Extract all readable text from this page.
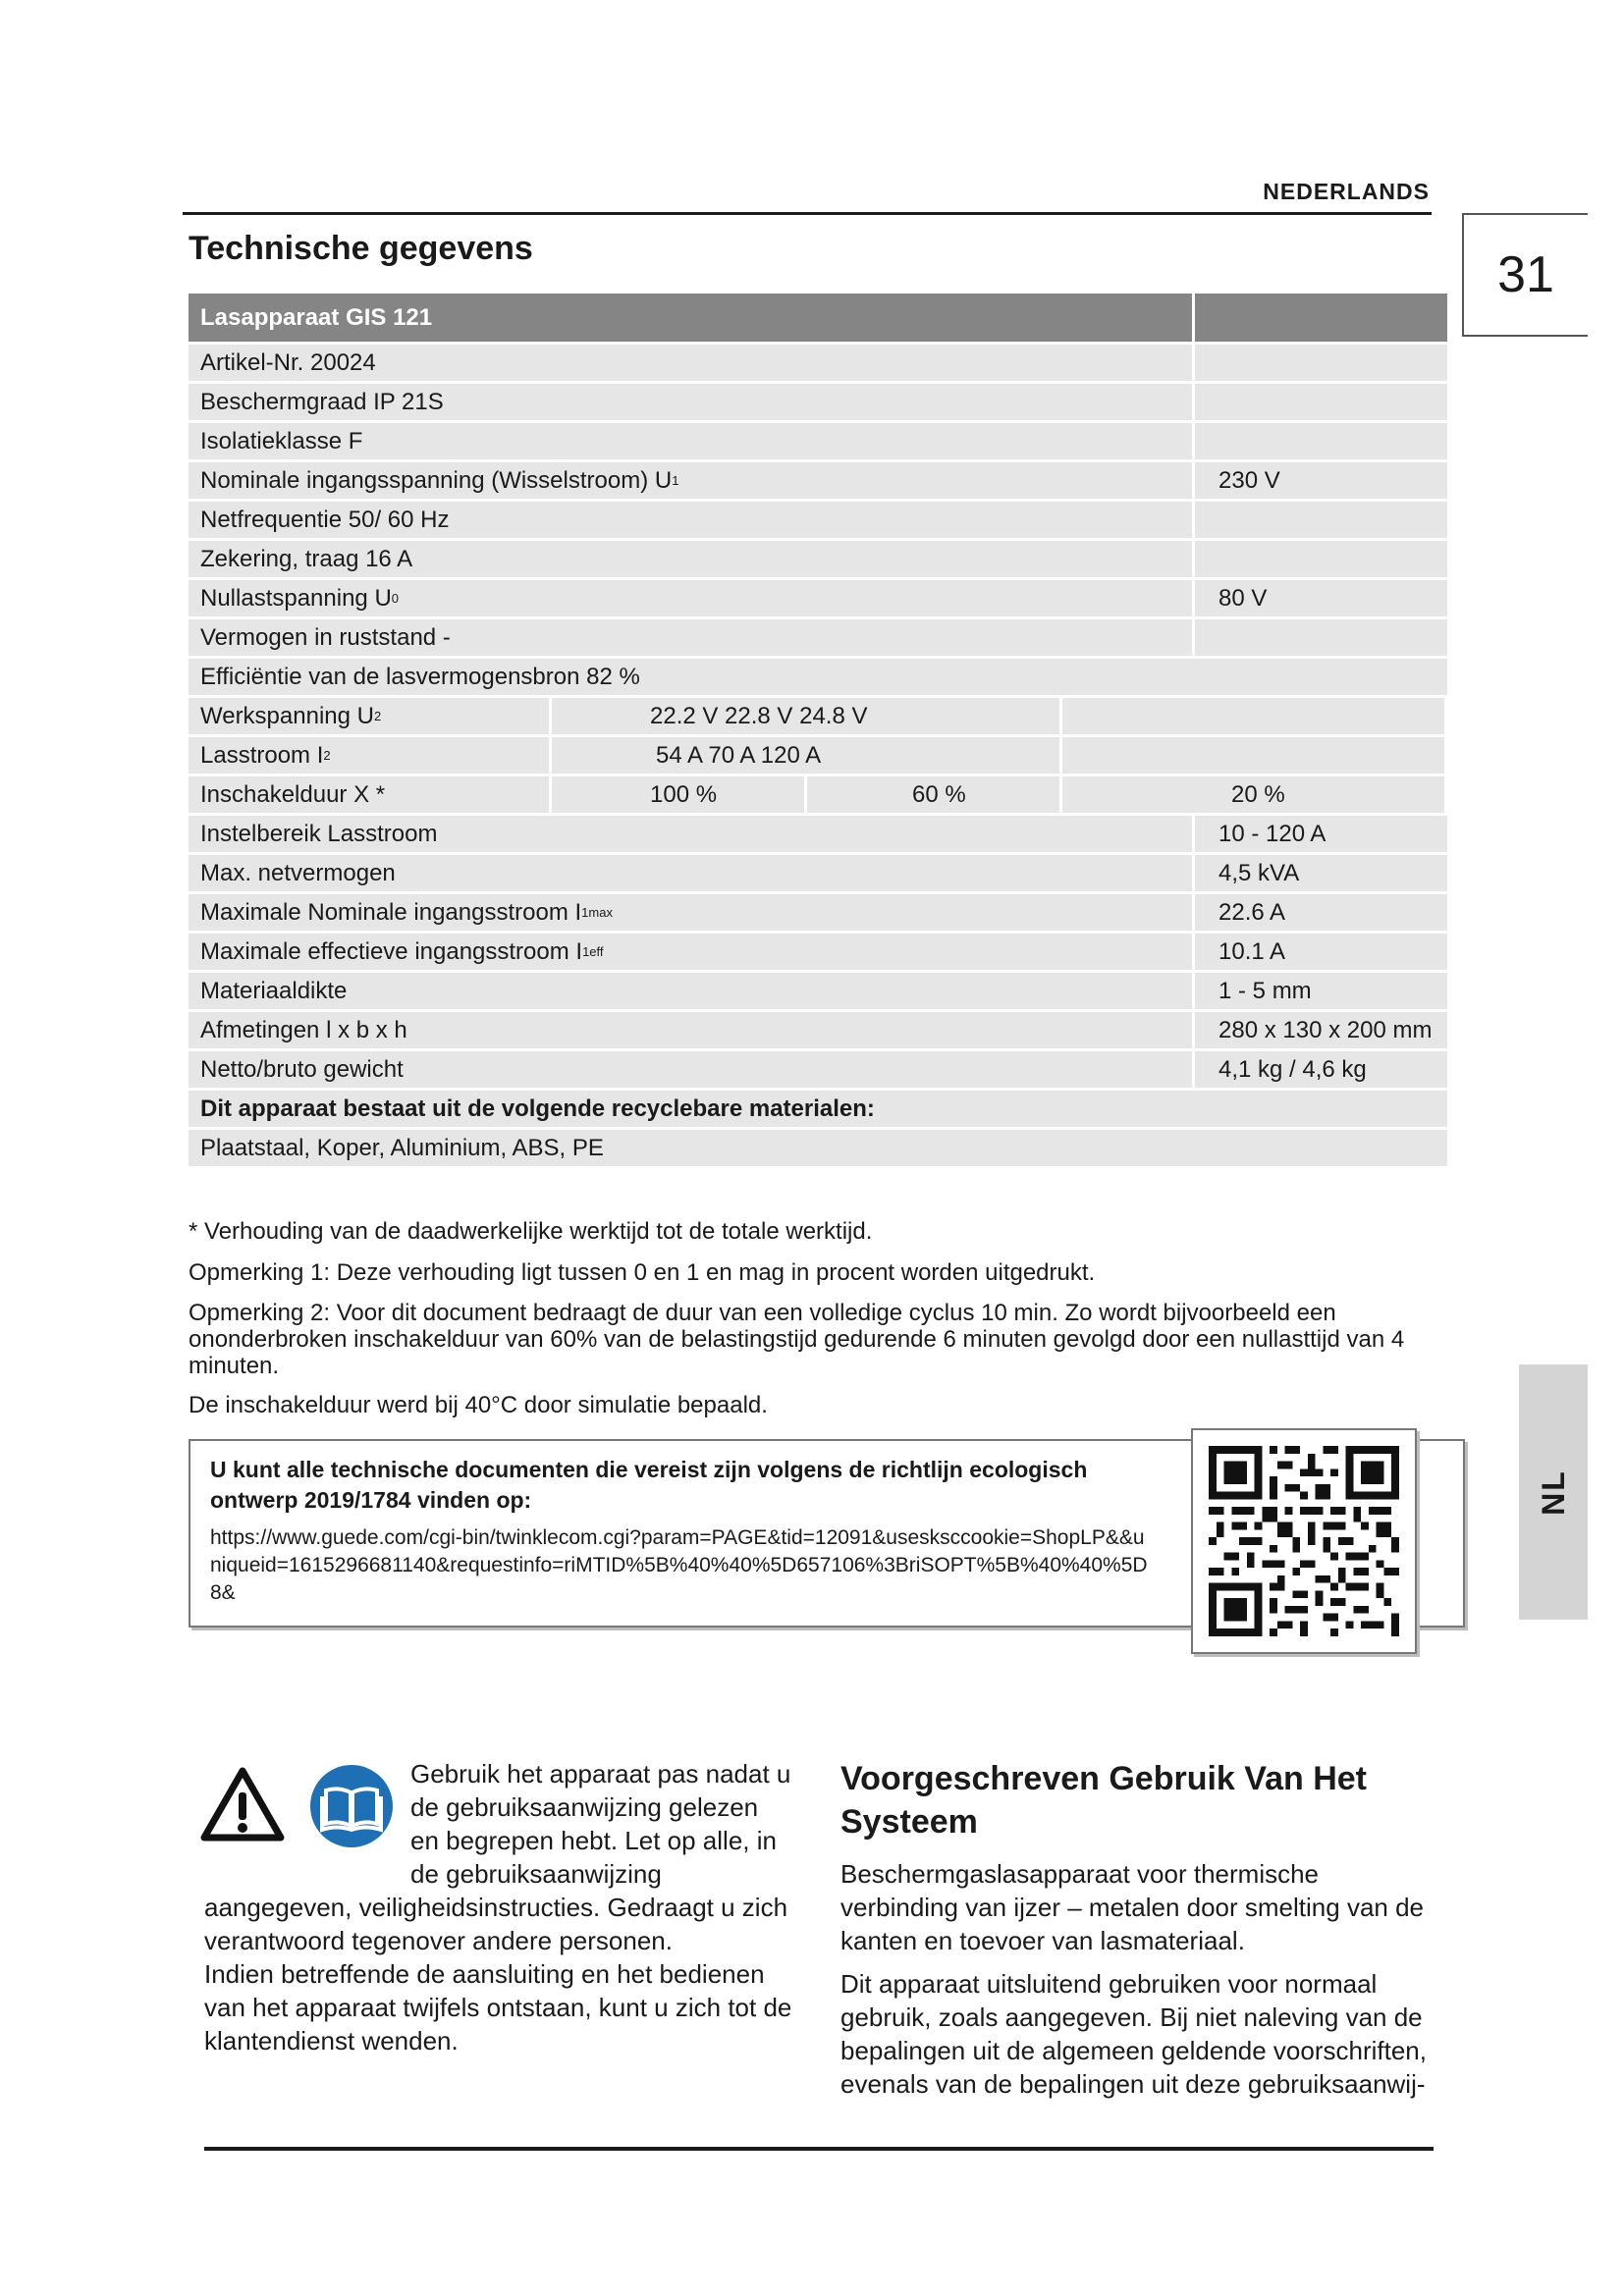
NEDERLANDS
31
Technische gegevens
Lasapparaat GIS 121
Artikel-Nr. 20024
Beschermgraad IP 21S
Isolatieklasse F
Nominale ingangsspanning (Wisselstroom) U 1	230 V
Netfrequentie 50/ 60 Hz
Zekering, traag 16 A
Nullastspanning U 0	80 V
Vermogen in ruststand -
Efficiëntie van de lasvermogensbron 82 %
Werkspanning U 2	22.2 V 22.8 V 24.8 V
Lasstroom I 2	54 A 70 A 120 A
Inschakelduur X *	100 %	60 %	20 %
Instelbereik Lasstroom	10 - 120 A
Max. netvermogen	4,5 kVA
Maximale Nominale ingangsstroom I 1max	22.6 A
Maximale effectieve ingangsstroom I 1eff	10.1 A
Materiaaldikte	1 - 5 mm
Afmetingen l x b x h	280 x 130 x 200 mm
Netto/bruto gewicht	4,1 kg / 4,6 kg
Dit apparaat bestaat uit de volgende recyclebare materialen:
Plaatstaal, Koper, Aluminium, ABS, PE

* Verhouding van de daadwerkelijke werktijd tot de totale werktijd.

Opmerking 1: Deze verhouding ligt tussen 0 en 1 en mag in procent worden uitgedrukt.

Opmerking 2: Voor dit document bedraagt de duur van een volledige cyclus 10 min. Zo wordt bijvoorbeeld een ononderbroken inschakelduur van 60% van de belastingstijd gedurende 6 minuten gevolgd door een nullasttijd van 4 minuten.

De inschakelduur werd bij 40°C door simulatie bepaald.

U kunt alle technische documenten die vereist zijn volgens de richtlijn ecologisch ontwerp 2019/1784 vinden op:
https://www.guede.com/cgi-bin/twinklecom.cgi?param=PAGE&tid=12091&usesksccookie=ShopLP&&uniqueid=1615296681140&requestinfo=riMTID%5B%40%40%5D657106%3BriSOPT%5B%40%40%5D8&
NL

Gebruik het apparaat pas nadat u de gebruiksaanwijzing gelezen en begrepen hebt. Let op alle, in de gebruiksaanwijzing aangegeven, veiligheidsinstructies. Gedraagt u zich verantwoord tegenover andere personen.

Indien betreffende de aansluiting en het bedienen van het apparaat twijfels ontstaan, kunt u zich tot de klantendienst wenden.

Voorgeschreven Gebruik Van Het Systeem

Beschermgaslasapparaat voor thermische verbinding van ijzer – metalen door smelting van de kanten en toevoer van lasmateriaal.

Dit apparaat uitsluitend gebruiken voor normaal gebruik, zoals aangegeven. Bij niet naleving van de bepalingen uit de algemeen geldende voorschriften, evenals van de bepalingen uit deze gebruiksaanwij-
